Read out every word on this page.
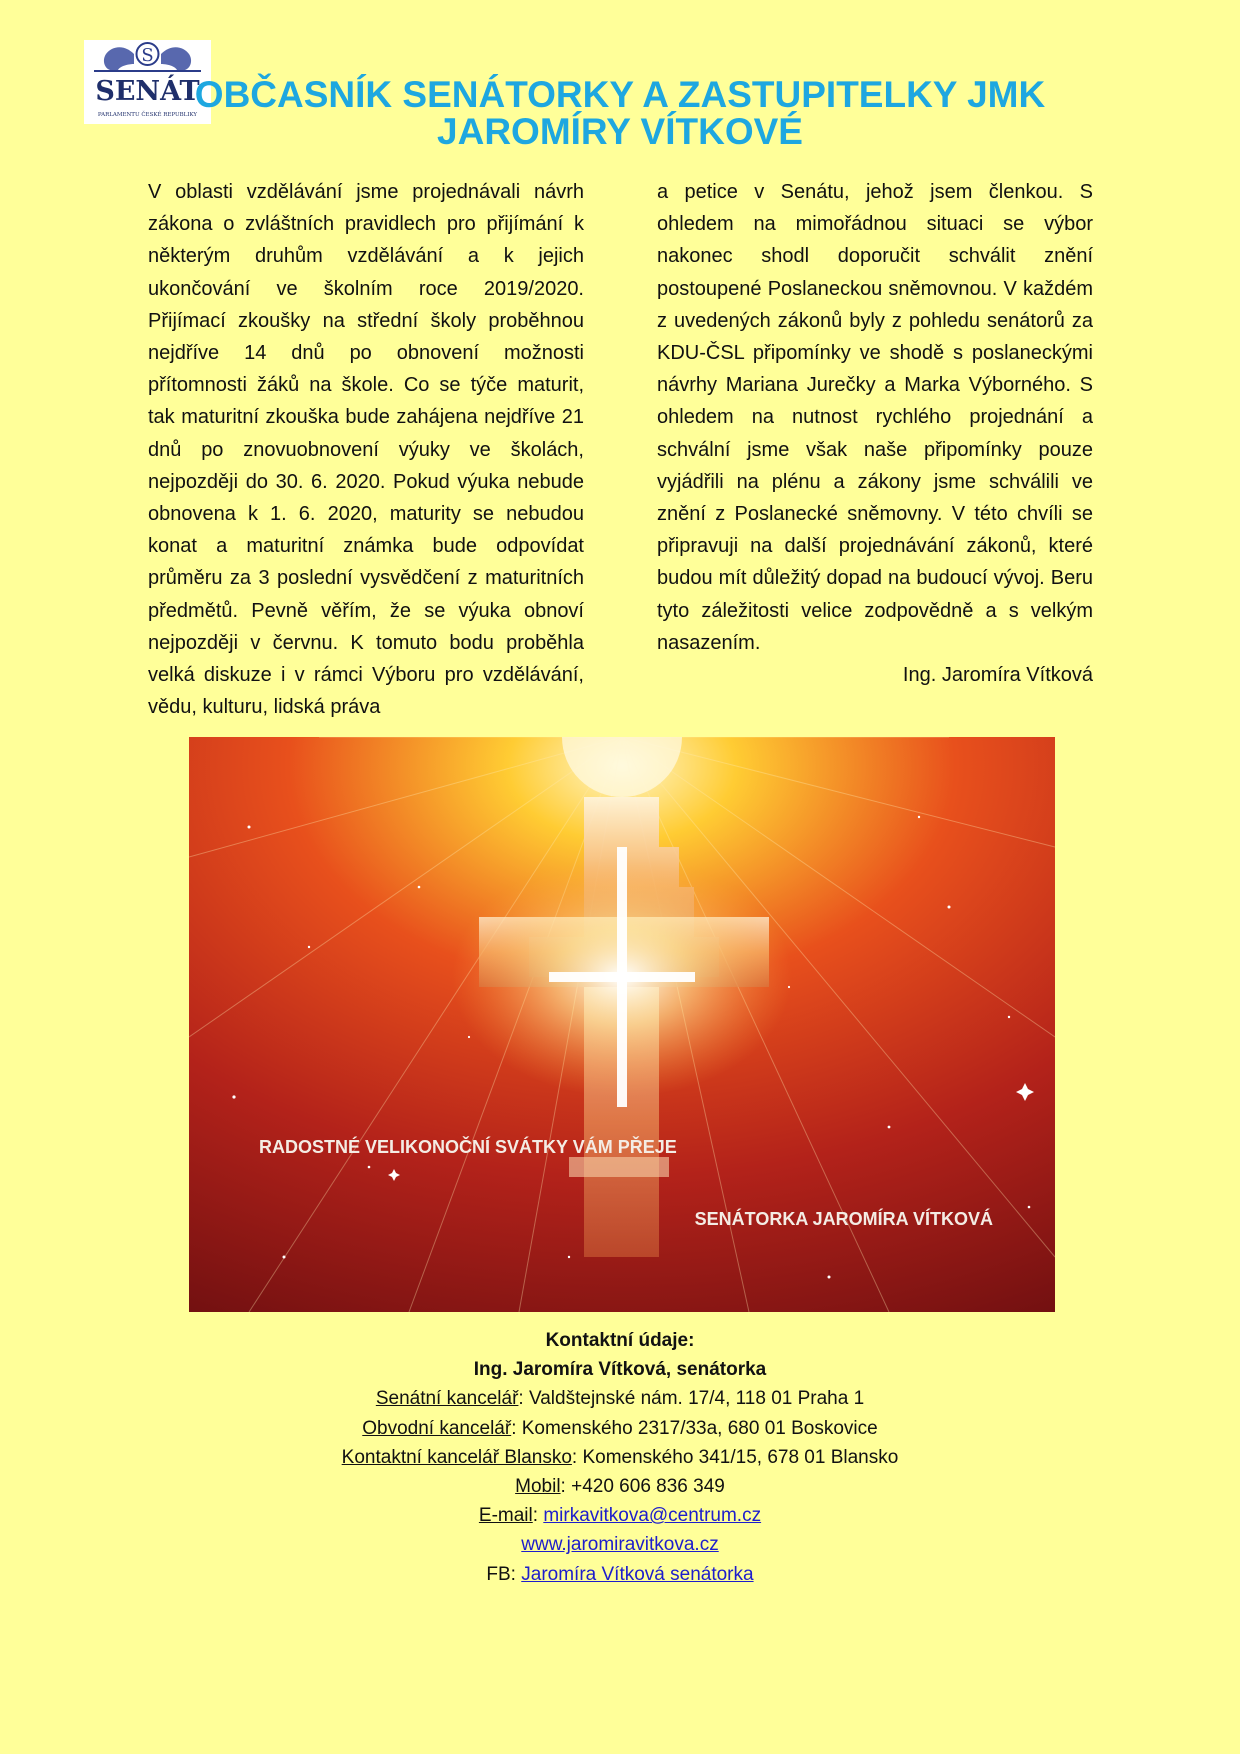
S
SENÁT
PARLAMENTU ČESKÉ REPUBLIKY
OBČASNÍK SENÁTORKY A ZASTUPITELKY JMK
JAROMÍRY VÍTKOVÉ

V oblasti vzdělávání jsme projednávali návrh zákona o zvláštních pravidlech pro přijímání k některým druhům vzdělávání a k jejich ukončování ve školním roce 2019/2020. Přijímací zkoušky na střední školy proběhnou nejdříve 14 dnů po obnovení možnosti přítomnosti žáků na škole. Co se týče maturit, tak maturitní zkouška bude zahájena nejdříve 21 dnů po znovuobnovení výuky ve školách, nejpozději do 30. 6. 2020. Pokud výuka nebude obnovena k 1. 6. 2020, maturity se nebudou konat a maturitní známka bude odpovídat průměru za 3 poslední vysvědčení z maturitních předmětů. Pevně věřím, že se výuka obnoví nejpozději v červnu. K tomuto bodu proběhla velká diskuze i v rámci Výboru pro vzdělávání, vědu, kulturu, lidská práva

a petice v Senátu, jehož jsem členkou. S ohledem na mimořádnou situaci se výbor nakonec shodl doporučit schválit znění postoupené Poslaneckou sněmovnou. V každém z uvedených zákonů byly z pohledu senátorů za KDU-ČSL připomínky ve shodě s poslaneckými návrhy Mariana Jurečky a Marka Výborného. S ohledem na nutnost rychlého projednání a schvální jsme však naše připomínky pouze vyjádřili na plénu a zákony jsme schválili ve znění z Poslanecké sněmovny. V této chvíli se připravuji na další projednávání zákonů, které budou mít důležitý dopad na budoucí vývoj. Beru tyto záležitosti velice zodpovědně a s velkým nasazením.

Ing. Jaromíra Vítková
RADOSTNÉ VELIKONOČNÍ SVÁTKY VÁM PŘEJE
SENÁTORKA JAROMÍRA VÍTKOVÁ
Kontaktní údaje:
Ing. Jaromíra Vítková, senátorka
Senátní kancelář: Valdštejnské nám. 17/4, 118 01 Praha 1
Obvodní kancelář: Komenského 2317/33a, 680 01 Boskovice
Kontaktní kancelář Blansko: Komenského 341/15, 678 01 Blansko
Mobil: +420 606 836 349
E-mail: mirkavitkova@centrum.cz
www.jaromiravitkova.cz
FB: Jaromíra Vítková senátorka
